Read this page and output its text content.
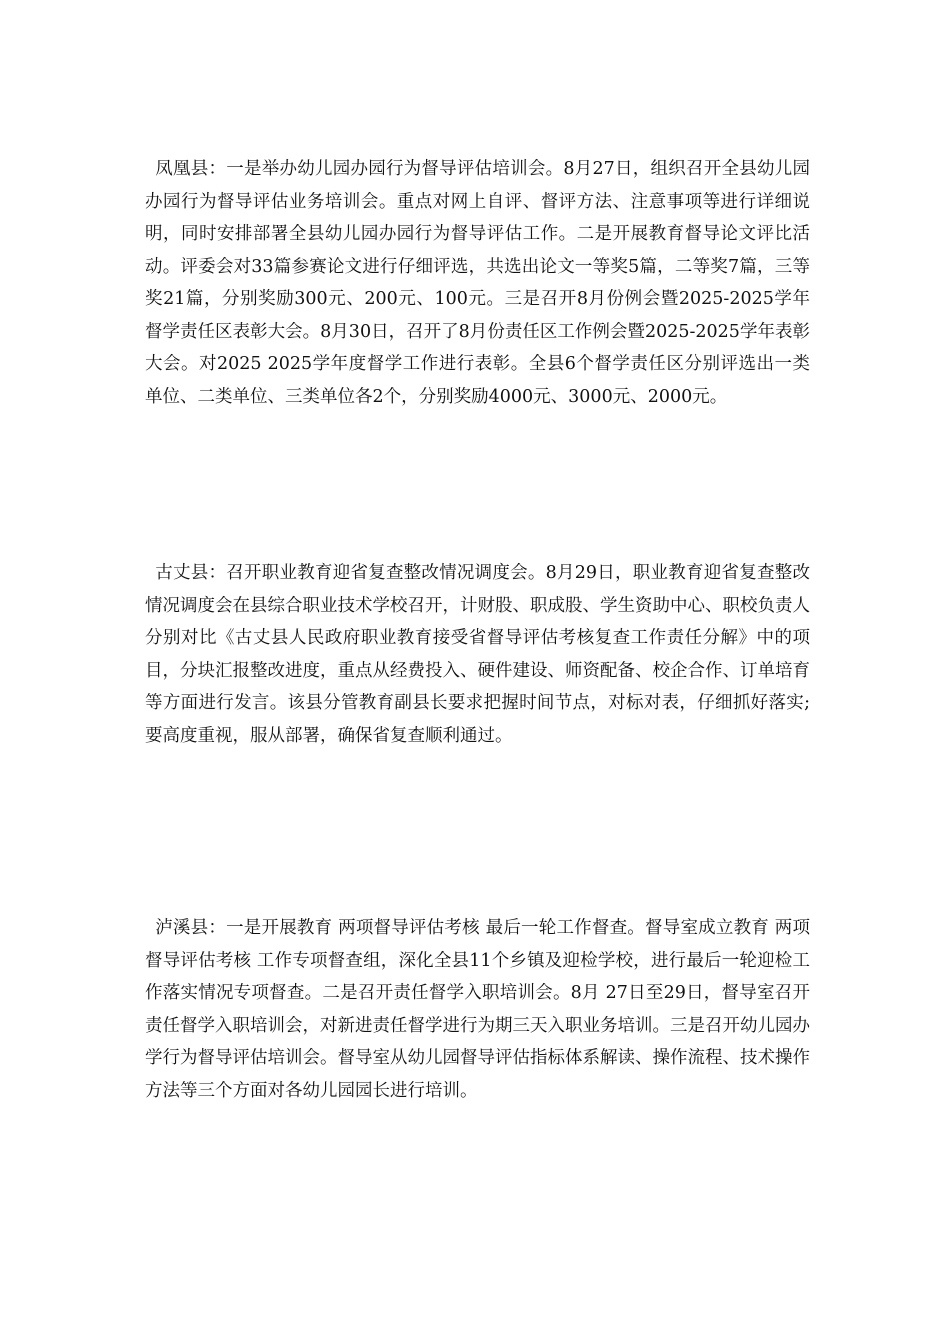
凤凰县：一是举办幼儿园办园行为督导评估培训会。8月27日，组织召开全县幼儿园办园行为督导评估业务培训会。重点对网上自评、督评方法、注意事项等进行详细说明，同时安排部署全县幼儿园办园行为督导评估工作。二是开展教育督导论文评比活动。评委会对33篇参赛论文进行仔细评选，共选出论文一等奖5篇，二等奖7篇，三等奖21篇，分别奖励300元、200元、100元。三是召开8月份例会暨2025-2025学年督学责任区表彰大会。8月30日，召开了8月份责任区工作例会暨2025-2025学年表彰大会。对2025 2025学年度督学工作进行表彰。全县6个督学责任区分别评选出一类单位、二类单位、三类单位各2个，分别奖励4000元、3000元、2000元。

古丈县：召开职业教育迎省复查整改情况调度会。8月29日，职业教育迎省复查整改情况调度会在县综合职业技术学校召开，计财股、职成股、学生资助中心、职校负责人分别对比《古丈县人民政府职业教育接受省督导评估考核复查工作责任分解》中的项目，分块汇报整改进度，重点从经费投入、硬件建设、师资配备、校企合作、订单培育等方面进行发言。该县分管教育副县长要求把握时间节点，对标对表，仔细抓好落实;要高度重视，服从部署，确保省复查顺利通过。

泸溪县：一是开展教育 两项督导评估考核 最后一轮工作督查。督导室成立教育 两项督导评估考核 工作专项督查组，深化全县11个乡镇及迎检学校，进行最后一轮迎检工作落实情况专项督查。二是召开责任督学入职培训会。8月 27日至29日，督导室召开责任督学入职培训会，对新进责任督学进行为期三天入职业务培训。三是召开幼儿园办学行为督导评估培训会。督导室从幼儿园督导评估指标体系解读、操作流程、技术操作方法等三个方面对各幼儿园园长进行培训。
